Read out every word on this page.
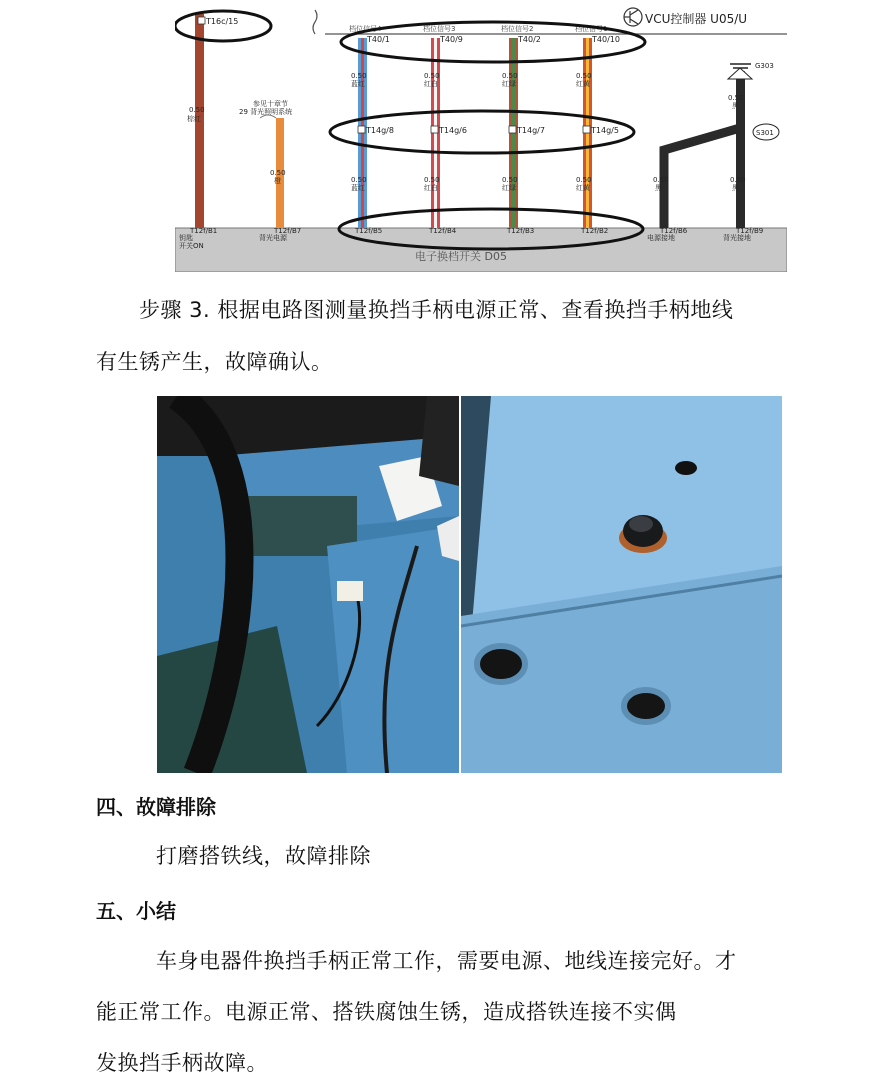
VCU控制器 U05/U
电子换档开关 D05
T16c/15
0.50
棕红
参见十章节
29 背光照明系统
0.50
橙
档位信号4	档位信号3	档位信号2	档位信号1
T40/1	T40/9	T40/2	T40/10
0.50
蓝红
0.50
红白
0.50
红绿
0.50
红黄
T14g/8	T14g/6	T14g/7	T14g/5
0.50
蓝红
0.50
红白
0.50
红绿
0.50
红黄
G303
0.50
黑
S301
0.50
黑
0.50
黑
T12f/B1	T12f/B7	T12f/B5	T12f/B4	T12f/B3	T12f/B2	T12f/B6	T12f/B9
钥匙
开关ON
背光电源	电源接地	背光接地
步骤 3. 根据电路图测量换挡手柄电源正常、查看换挡手柄地线
有生锈产生，故障确认。
四、故障排除
打磨搭铁线，故障排除
五、小结
车身电器件换挡手柄正常工作，需要电源、地线连接完好。才
能正常工作。电源正常、搭铁腐蚀生锈，造成搭铁连接不实偶
发换挡手柄故障。
